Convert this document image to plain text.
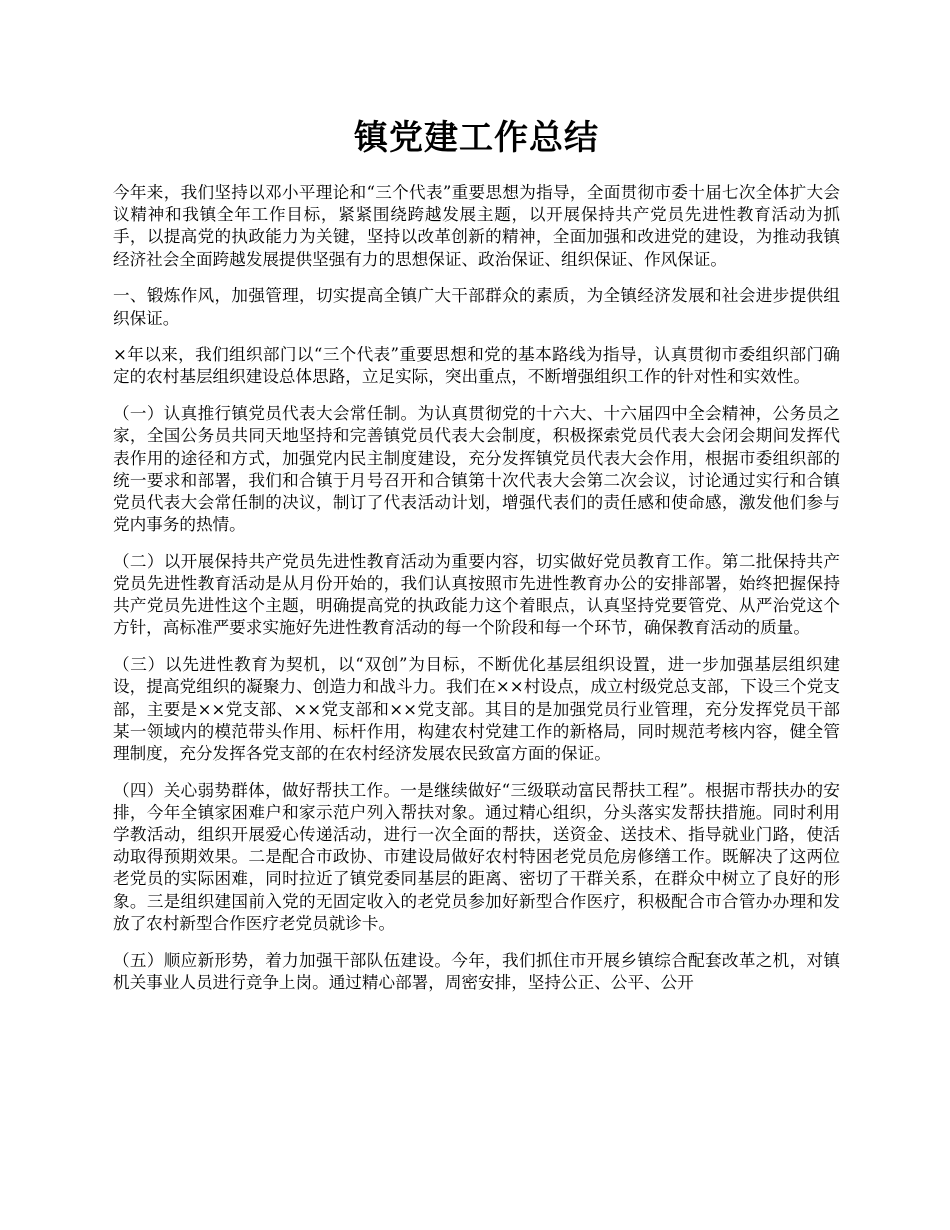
镇党建工作总结

今年来，我们坚持以邓小平理论和“三个代表”重要思想为指导，全面贯彻市委十届七次全体扩大会议精神和我镇全年工作目标，紧紧围绕跨越发展主题，以开展保持共产党员先进性教育活动为抓手，以提高党的执政能力为关键，坚持以改革创新的精神，全面加强和改进党的建设，为推动我镇经济社会全面跨越发展提供坚强有力的思想保证、政治保证、组织保证、作风保证。

一、锻炼作风，加强管理，切实提高全镇广大干部群众的素质，为全镇经济发展和社会进步提供组织保证。

×年以来，我们组织部门以“三个代表”重要思想和党的基本路线为指导，认真贯彻市委组织部门确定的农村基层组织建设总体思路，立足实际，突出重点，不断增强组织工作的针对性和实效性。

（一）认真推行镇党员代表大会常任制。为认真贯彻党的十六大、十六届四中全会精神，公务员之家，全国公务员共同天地坚持和完善镇党员代表大会制度，积极探索党员代表大会闭会期间发挥代表作用的途径和方式，加强党内民主制度建设，充分发挥镇党员代表大会作用，根据市委组织部的统一要求和部署，我们和合镇于月号召开和合镇第十次代表大会第二次会议，讨论通过实行和合镇党员代表大会常任制的决议，制订了代表活动计划，增强代表们的责任感和使命感，激发他们参与党内事务的热情。

（二）以开展保持共产党员先进性教育活动为重要内容，切实做好党员教育工作。第二批保持共产党员先进性教育活动是从月份开始的，我们认真按照市先进性教育办公的安排部署，始终把握保持共产党员先进性这个主题，明确提高党的执政能力这个着眼点，认真坚持党要管党、从严治党这个方针，高标准严要求实施好先进性教育活动的每一个阶段和每一个环节，确保教育活动的质量。

（三）以先进性教育为契机，以“双创”为目标，不断优化基层组织设置，进一步加强基层组织建设，提高党组织的凝聚力、创造力和战斗力。我们在××村设点，成立村级党总支部，下设三个党支部，主要是××党支部、××党支部和××党支部。其目的是加强党员行业管理，充分发挥党员干部某一领域内的模范带头作用、标杆作用，构建农村党建工作的新格局，同时规范考核内容，健全管理制度，充分发挥各党支部的在农村经济发展农民致富方面的保证。

（四）关心弱势群体，做好帮扶工作。一是继续做好“三级联动富民帮扶工程”。根据市帮扶办的安排，今年全镇家困难户和家示范户列入帮扶对象。通过精心组织，分头落实发帮扶措施。同时利用学教活动，组织开展爱心传递活动，进行一次全面的帮扶，送资金、送技术、指导就业门路，使活动取得预期效果。二是配合市政协、市建设局做好农村特困老党员危房修缮工作。既解决了这两位老党员的实际困难，同时拉近了镇党委同基层的距离、密切了干群关系，在群众中树立了良好的形象。三是组织建国前入党的无固定收入的老党员参加好新型合作医疗，积极配合市合管办办理和发放了农村新型合作医疗老党员就诊卡。

（五）顺应新形势，着力加强干部队伍建设。今年，我们抓住市开展乡镇综合配套改革之机，对镇机关事业人员进行竞争上岗。通过精心部署，周密安排，坚持公正、公平、公开
